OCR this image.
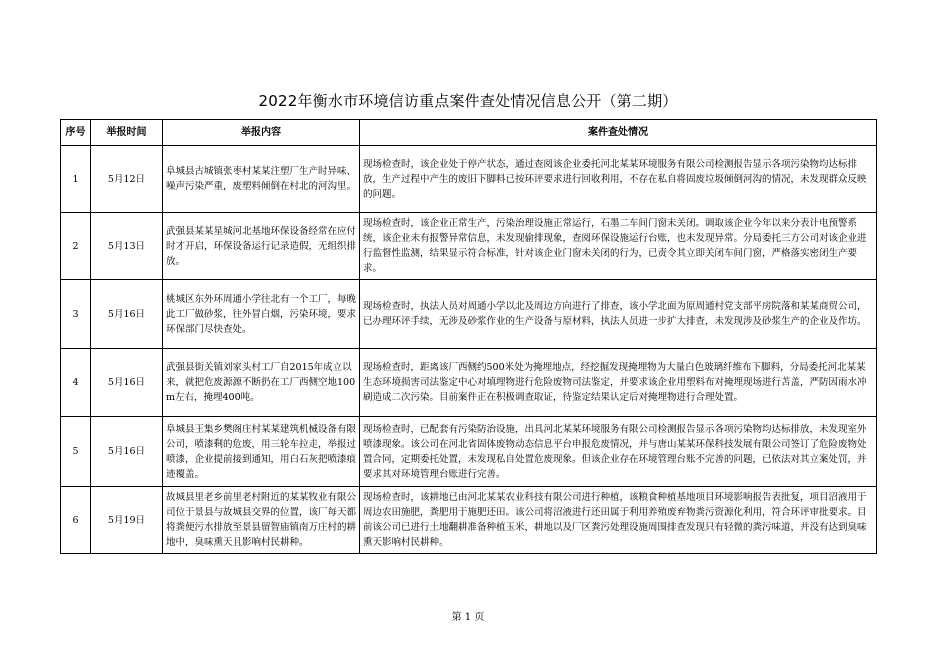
2022年衡水市环境信访重点案件查处情况信息公开（第二期）
序号	举报时间	举报内容	案件查处情况
1	5月12日	阜城县古城镇张枣村某某注塑厂生产时异味、噪声污染严重，废塑料倾倒在村北的河沟里。	现场检查时，该企业处于停产状态，通过查阅该企业委托河北某某环境服务有限公司检测报告显示各项污染物均达标排放，生产过程中产生的废旧下脚料已按环评要求进行回收利用，不存在私自将固废垃圾倾倒河沟的情况，未发现群众反映的问题。
2	5月13日	武强县某某星城河北基地环保设备经常在应付时才开启，环保设备运行记录造假，无组织排放。	现场检查时，该企业正常生产，污染治理设施正常运行，石墨二车间门窗未关闭。调取该企业今年以来分表计电预警系统，该企业未有报警异常信息，未发现偷排现象，查阅环保设施运行台账，也未发现异常。分局委托三方公司对该企业进行监督性监测，结果显示符合标准，针对该企业门窗未关闭的行为，已责令其立即关闭车间门窗，严格落实密闭生产要求。
3	5月16日	桃城区东外环周通小学往北有一个工厂，每晚此工厂做砂浆，往外冒白烟，污染环境，要求环保部门尽快查处。	现场检查时，执法人员对周通小学以北及周边方向进行了排查，该小学北面为原周通村党支部平房院落和某某商贸公司，已办理环评手续，无涉及砂浆作业的生产设备与原材料，执法人员进一步扩大排查，未发现涉及砂浆生产的企业及作坊。
4	5月16日	武强县街关镇刘家头村工厂自2015年成立以来，就把危废源源不断扔在工厂西侧空地100m左右，掩埋400吨。	现场检查时，距离该厂西侧约500米处为掩埋地点，经挖掘发现掩埋物为大量白色玻璃纤维布下脚料，分局委托河北某某生态环境损害司法鉴定中心对填埋物进行危险废物司法鉴定，并要求该企业用塑料布对掩埋现场进行苫盖，严防因雨水冲刷造成二次污染。目前案件正在积极调查取证，待鉴定结果认定后对掩埋物进行合理处置。
5	5月16日	阜城县王集乡樊阁庄村某某建筑机械设备有限公司，喷漆剩的危废，用三轮车拉走，举报过喷漆，企业提前接到通知，用白石灰把喷漆痕迹覆盖。	现场检查时，已配套有污染防治设施，出具河北某某环境服务有限公司检测报告显示各项污染物均达标排放，未发现室外喷漆现象。该公司在河北省固体废物动态信息平台申报危废情况，并与唐山某某环保科技发展有限公司签订了危险废物处置合同，定期委托处置，未发现私自处置危废现象。但该企业存在环境管理台账不完善的问题，已依法对其立案处罚，并要求其对环境管理台账进行完善。
6	5月19日	故城县里老乡前里老村附近的某某牧业有限公司位于景县与故城县交界的位置，该厂每天都将粪便污水排放至景县留智庙镇南万庄村的耕地中，臭味熏天且影响村民耕种。	现场检查时，该耕地已由河北某某农业科技有限公司进行种植，该粮食种植基地项目环境影响报告表批复，项目沼液用于周边农田施肥，粪肥用于施肥还田。该公司将沼液进行还田属于利用养殖废弃物粪污资源化利用，符合环评审批要求。目前该公司已进行土地翻耕准备种植玉米，耕地以及厂区粪污处理设施周围排查发现只有轻微的粪污味道，并没有达到臭味熏天影响村民耕种。
第 1 页
